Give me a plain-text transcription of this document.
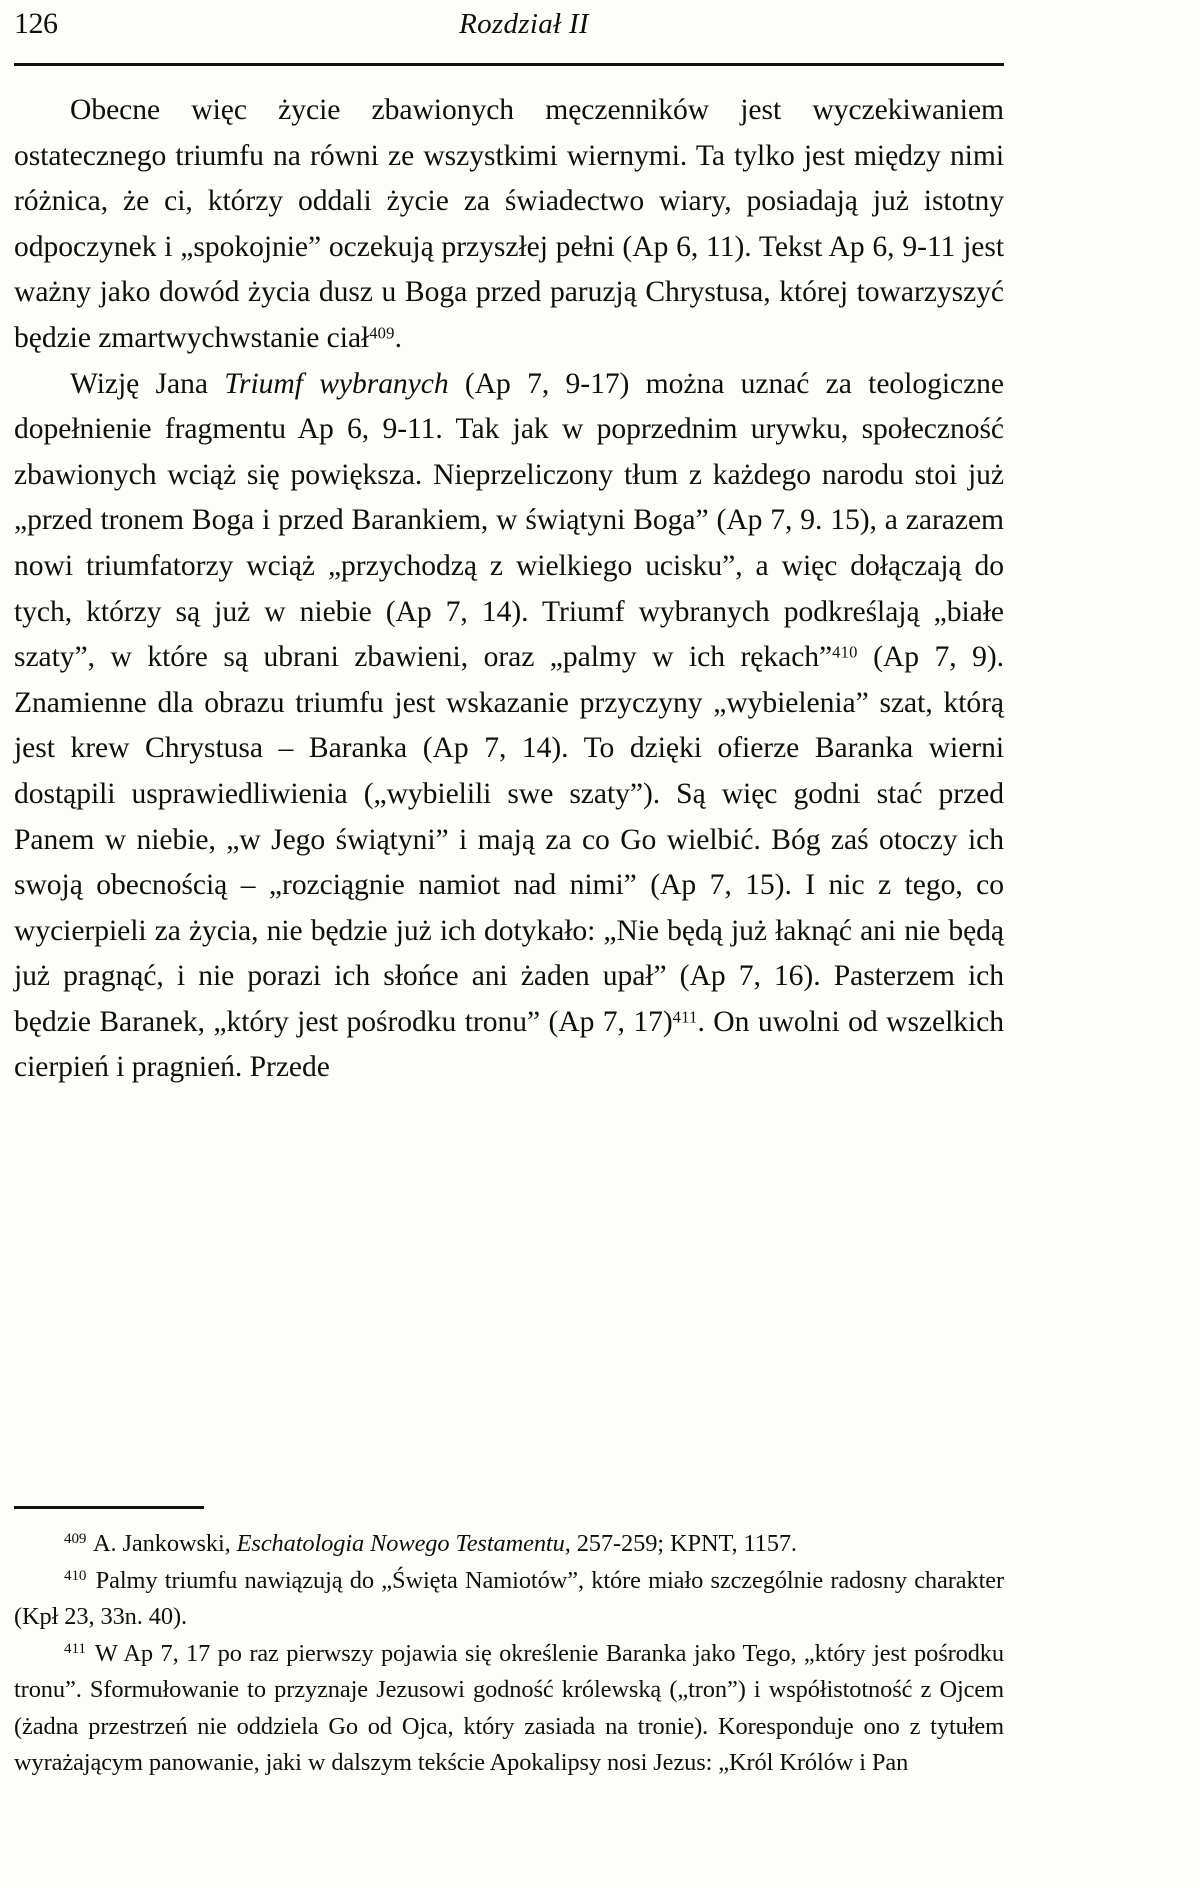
126	Rozdział II

Obecne więc życie zbawionych męczenników jest wyczekiwaniem ostatecznego triumfu na równi ze wszystkimi wiernymi. Ta tylko jest między nimi różnica, że ci, którzy oddali życie za świadectwo wiary, posiadają już istotny odpoczynek i „spokojnie” oczekują przyszłej pełni (Ap 6, 11). Tekst Ap 6, 9-11 jest ważny jako dowód życia dusz u Boga przed paruzją Chrystusa, której towarzyszyć będzie zmartwychwstanie ciał$^{409}$.

Wizję Jana Triumf wybranych (Ap 7, 9-17) można uznać za teologiczne dopełnienie fragmentu Ap 6, 9-11. Tak jak w poprzednim urywku, społeczność zbawionych wciąż się powiększa. Nieprzeliczony tłum z każdego narodu stoi już „przed tronem Boga i przed Barankiem, w świątyni Boga” (Ap 7, 9. 15), a zarazem nowi triumfatorzy wciąż „przychodzą z wielkiego ucisku”, a więc dołączają do tych, którzy są już w niebie (Ap 7, 14). Triumf wybranych podkreślają „białe szaty”, w które są ubrani zbawieni, oraz „palmy w ich rękach”$^{410}$ (Ap 7, 9). Znamienne dla obrazu triumfu jest wskazanie przyczyny „wybielenia” szat, którą jest krew Chrystusa – Baranka (Ap 7, 14). To dzięki ofierze Baranka wierni dostąpili usprawiedliwienia („wybielili swe szaty”). Są więc godni stać przed Panem w niebie, „w Jego świątyni” i mają za co Go wielbić. Bóg zaś otoczy ich swoją obecnością – „rozciągnie namiot nad nimi” (Ap 7, 15). I nic z tego, co wycierpieli za życia, nie będzie już ich dotykało: „Nie będą już łaknąć ani nie będą już pragnąć, i nie porazi ich słońce ani żaden upał” (Ap 7, 16). Pasterzem ich będzie Baranek, „który jest pośrodku tronu” (Ap 7, 17)$^{411}$. On uwolni od wszelkich cierpień i pragnień. Przede

$^{409}$ A. Jankowski, Eschatologia Nowego Testamentu, 257-259; KPNT, 1157.

$^{410}$ Palmy triumfu nawiązują do „Święta Namiotów”, które miało szczególnie radosny charakter (Kpł 23, 33n. 40).

$^{411}$ W Ap 7, 17 po raz pierwszy pojawia się określenie Baranka jako Tego, „który jest pośrodku tronu”. Sformułowanie to przyznaje Jezusowi godność królewską („tron”) i współistotność z Ojcem (żadna przestrzeń nie oddziela Go od Ojca, który zasiada na tronie). Koresponduje ono z tytułem wyrażającym panowanie, jaki w dalszym tekście Apokalipsy nosi Jezus: „Król Królów i Pan
